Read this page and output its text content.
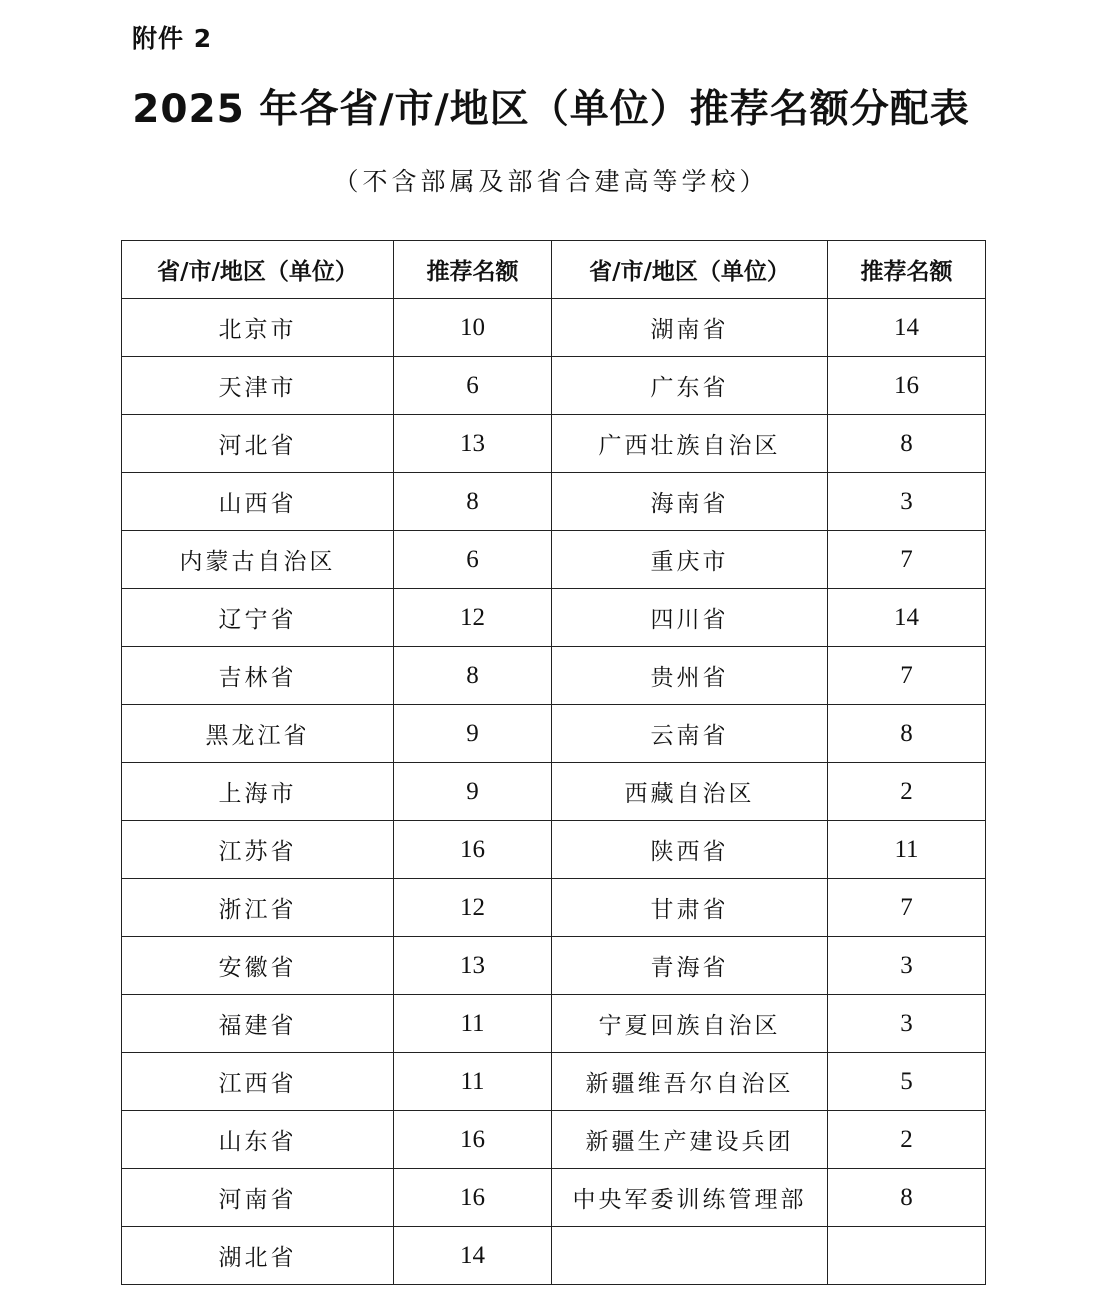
附件 2
2025 年各省/市/地区（单位）推荐名额分配表
（不含部属及部省合建高等学校）
省/市/地区（单位）	推荐名额	省/市/地区（单位）	推荐名额
北京市	10	湖南省	14
天津市	6	广东省	16
河北省	13	广西壮族自治区	8
山西省	8	海南省	3
内蒙古自治区	6	重庆市	7
辽宁省	12	四川省	14
吉林省	8	贵州省	7
黑龙江省	9	云南省	8
上海市	9	西藏自治区	2
江苏省	16	陕西省	11
浙江省	12	甘肃省	7
安徽省	13	青海省	3
福建省	11	宁夏回族自治区	3
江西省	11	新疆维吾尔自治区	5
山东省	16	新疆生产建设兵团	2
河南省	16	中央军委训练管理部	8
湖北省	14		
